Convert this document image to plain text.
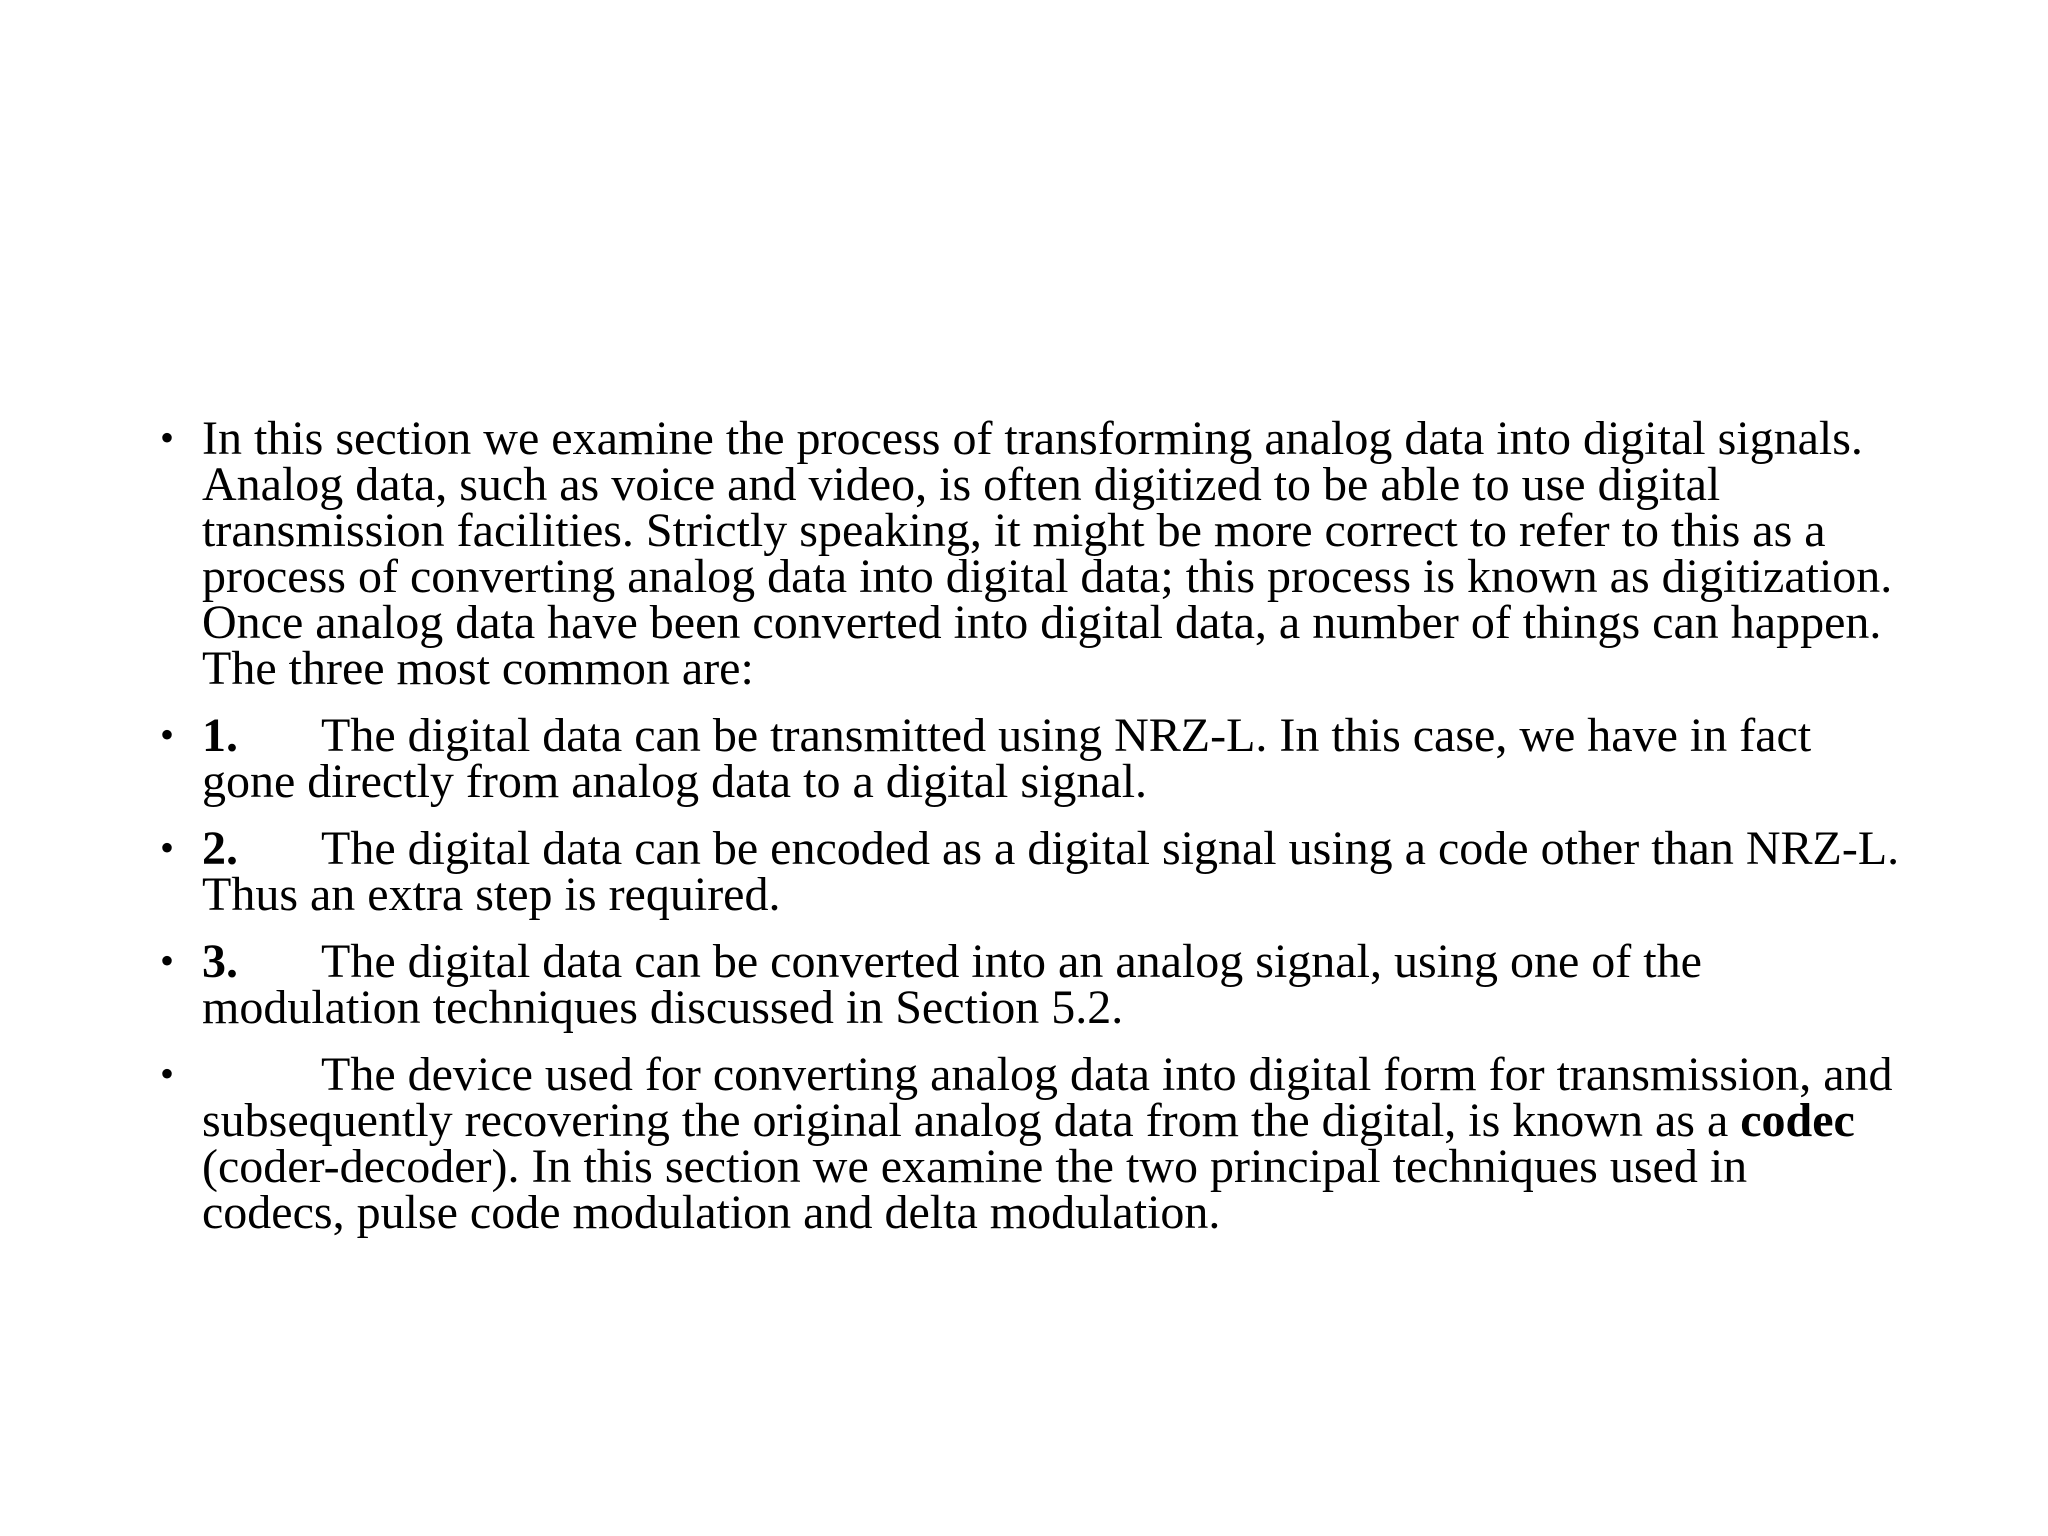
• In this section we examine the process of transforming analog data into digital signals. Analog data, such as voice and video, is often digitized to be able to use digital transmission facilities. Strictly speaking, it might be more correct to refer to this as a process of converting analog data into digital data; this process is known as digitization. Once analog data have been converted into digital data, a number of things can happen. The three most common are:
• 1. The digital data can be transmitted using NRZ-L. In this case, we have in fact gone directly from analog data to a digital signal.
• 2. The digital data can be encoded as a digital signal using a code other than NRZ-L. Thus an extra step is required.
• 3. The digital data can be converted into an analog signal, using one of the modulation techniques discussed in Section 5.2.
•	The device used for converting analog data into digital form for transmission, and subsequently recovering the original analog data from the digital, is known as a codec (coder-decoder). In this section we examine the two principal techniques used in codecs, pulse code modulation and delta modulation.
